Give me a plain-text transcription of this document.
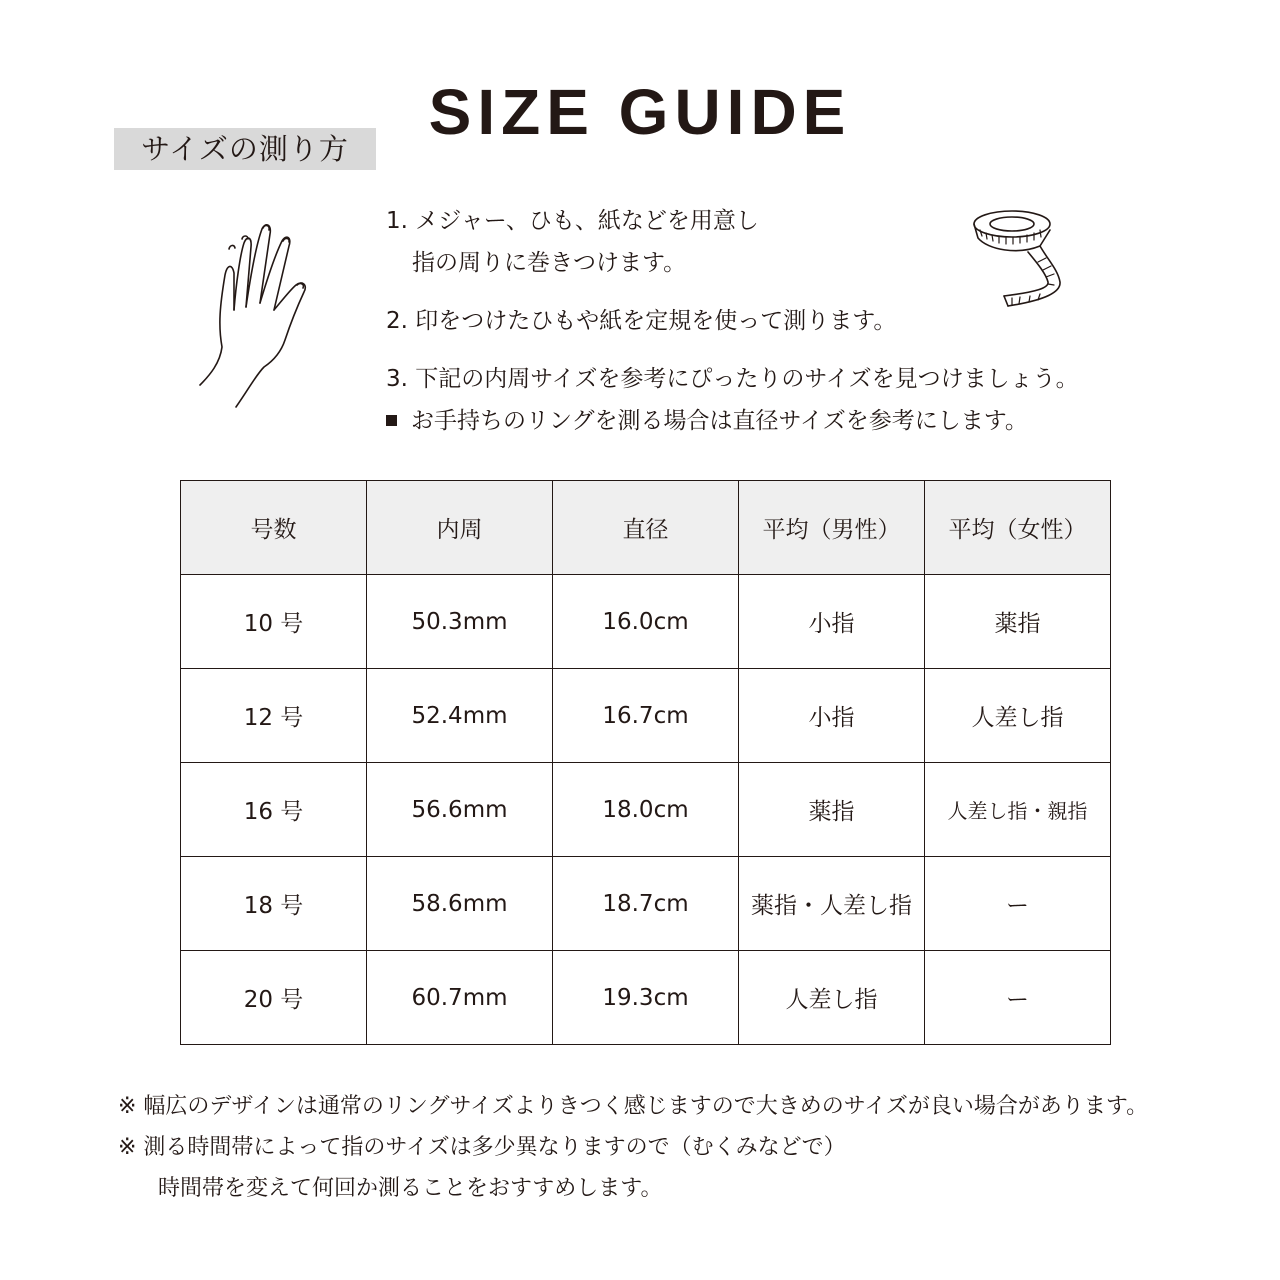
SIZE GUIDE
サイズの測り方
1. メジャー、ひも、紙などを用意し
指の周りに巻きつけます。
2. 印をつけたひもや紙を定規を使って測ります。
3. 下記の内周サイズを参考にぴったりのサイズを見つけましょう。
お手持ちのリングを測る場合は直径サイズを参考にします。
号数	内周	直径	平均（男性）	平均（女性）
10 号	50.3mm	16.0cm	小指	薬指
12 号	52.4mm	16.7cm	小指	人差し指
16 号	56.6mm	18.0cm	薬指	人差し指・親指
18 号	58.6mm	18.7cm	薬指・人差し指	ー
20 号	60.7mm	19.3cm	人差し指	ー
※ 幅広のデザインは通常のリングサイズよりきつく感じますので大きめのサイズが良い場合があります。
※ 測る時間帯によって指のサイズは多少異なりますので（むくみなどで）
時間帯を変えて何回か測ることをおすすめします。
